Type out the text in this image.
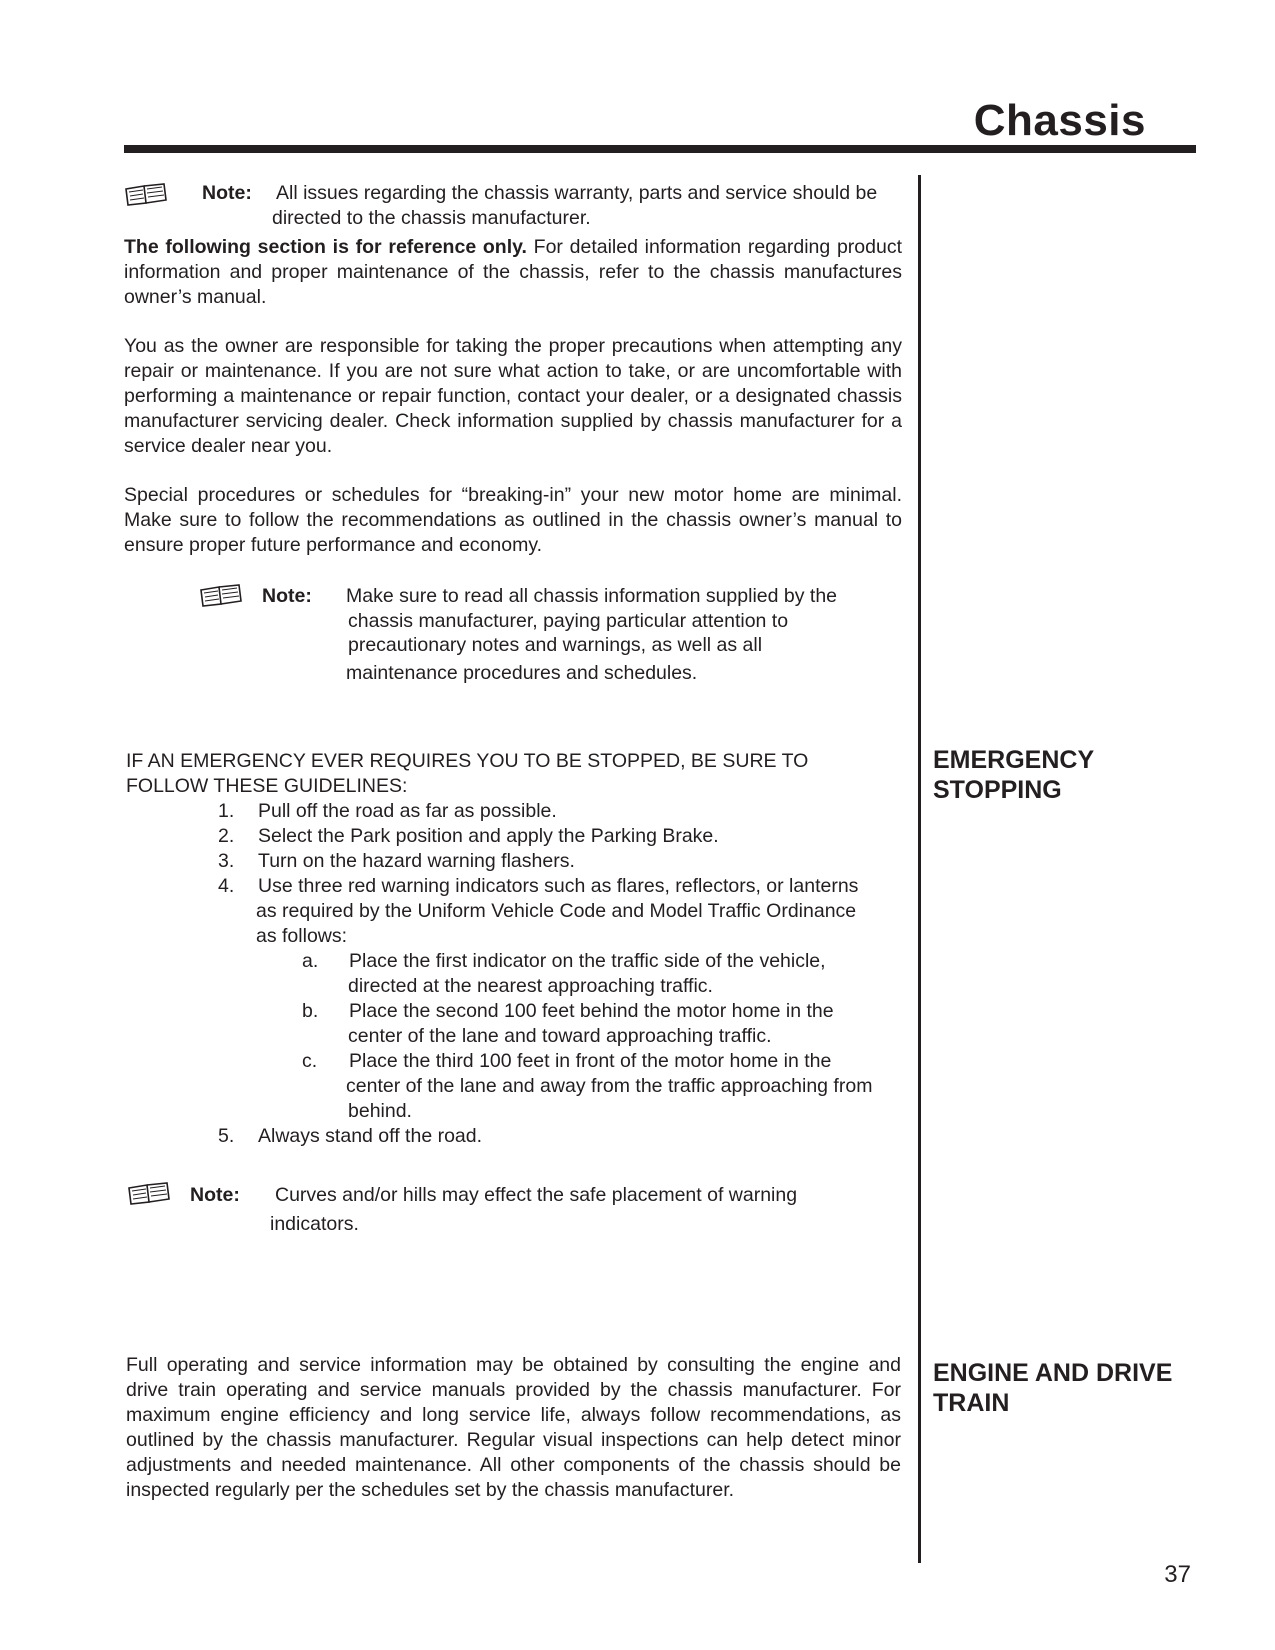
Chassis
Note: All issues regarding the chassis warranty, parts and service should be
directed to the chassis manufacturer.
The following section is for reference only. For detailed information regarding product information and proper maintenance of the chassis, refer to the chassis manufactures owner’s manual.
You as the owner are responsible for taking the proper precautions when attempting any repair or maintenance. If you are not sure what action to take, or are uncomfortable with performing a maintenance or repair function, contact your dealer, or a designated chassis manufacturer servicing dealer. Check information supplied by chassis manufacturer for a service dealer near you.
Special procedures or schedules for “breaking-in” your new motor home are minimal. Make sure to follow the recommendations as outlined in the chassis owner’s manual to ensure proper future performance and economy.
Note: Make sure to read all chassis information supplied by the
chassis manufacturer, paying particular attention to
precautionary notes and warnings, as well as all
maintenance procedures and schedules.
EMERGENCY
STOPPING
IF AN EMERGENCY EVER REQUIRES YOU TO BE STOPPED, BE SURE TO
FOLLOW THESE GUIDELINES:
1. Pull off the road as far as possible.
2. Select the Park position and apply the Parking Brake.
3. Turn on the hazard warning flashers.
4. Use three red warning indicators such as flares, reflectors, or lanterns
as required by the Uniform Vehicle Code and Model Traffic Ordinance
as follows:
a. Place the first indicator on the traffic side of the vehicle,
directed at the nearest approaching traffic.
b. Place the second 100 feet behind the motor home in the
center of the lane and toward approaching traffic.
c. Place the third 100 feet in front of the motor home in the
center of the lane and away from the traffic approaching from
behind.
5. Always stand off the road.
Note: Curves and/or hills may effect the safe placement of warning
indicators.
ENGINE AND DRIVE
TRAIN
Full operating and service information may be obtained by consulting the engine and drive train operating and service manuals provided by the chassis manufacturer. For maximum engine efficiency and long service life, always follow recommendations, as outlined by the chassis manufacturer. Regular visual inspections can help detect minor adjustments and needed maintenance. All other components of the chassis should be inspected regularly per the schedules set by the chassis manufacturer.
37
